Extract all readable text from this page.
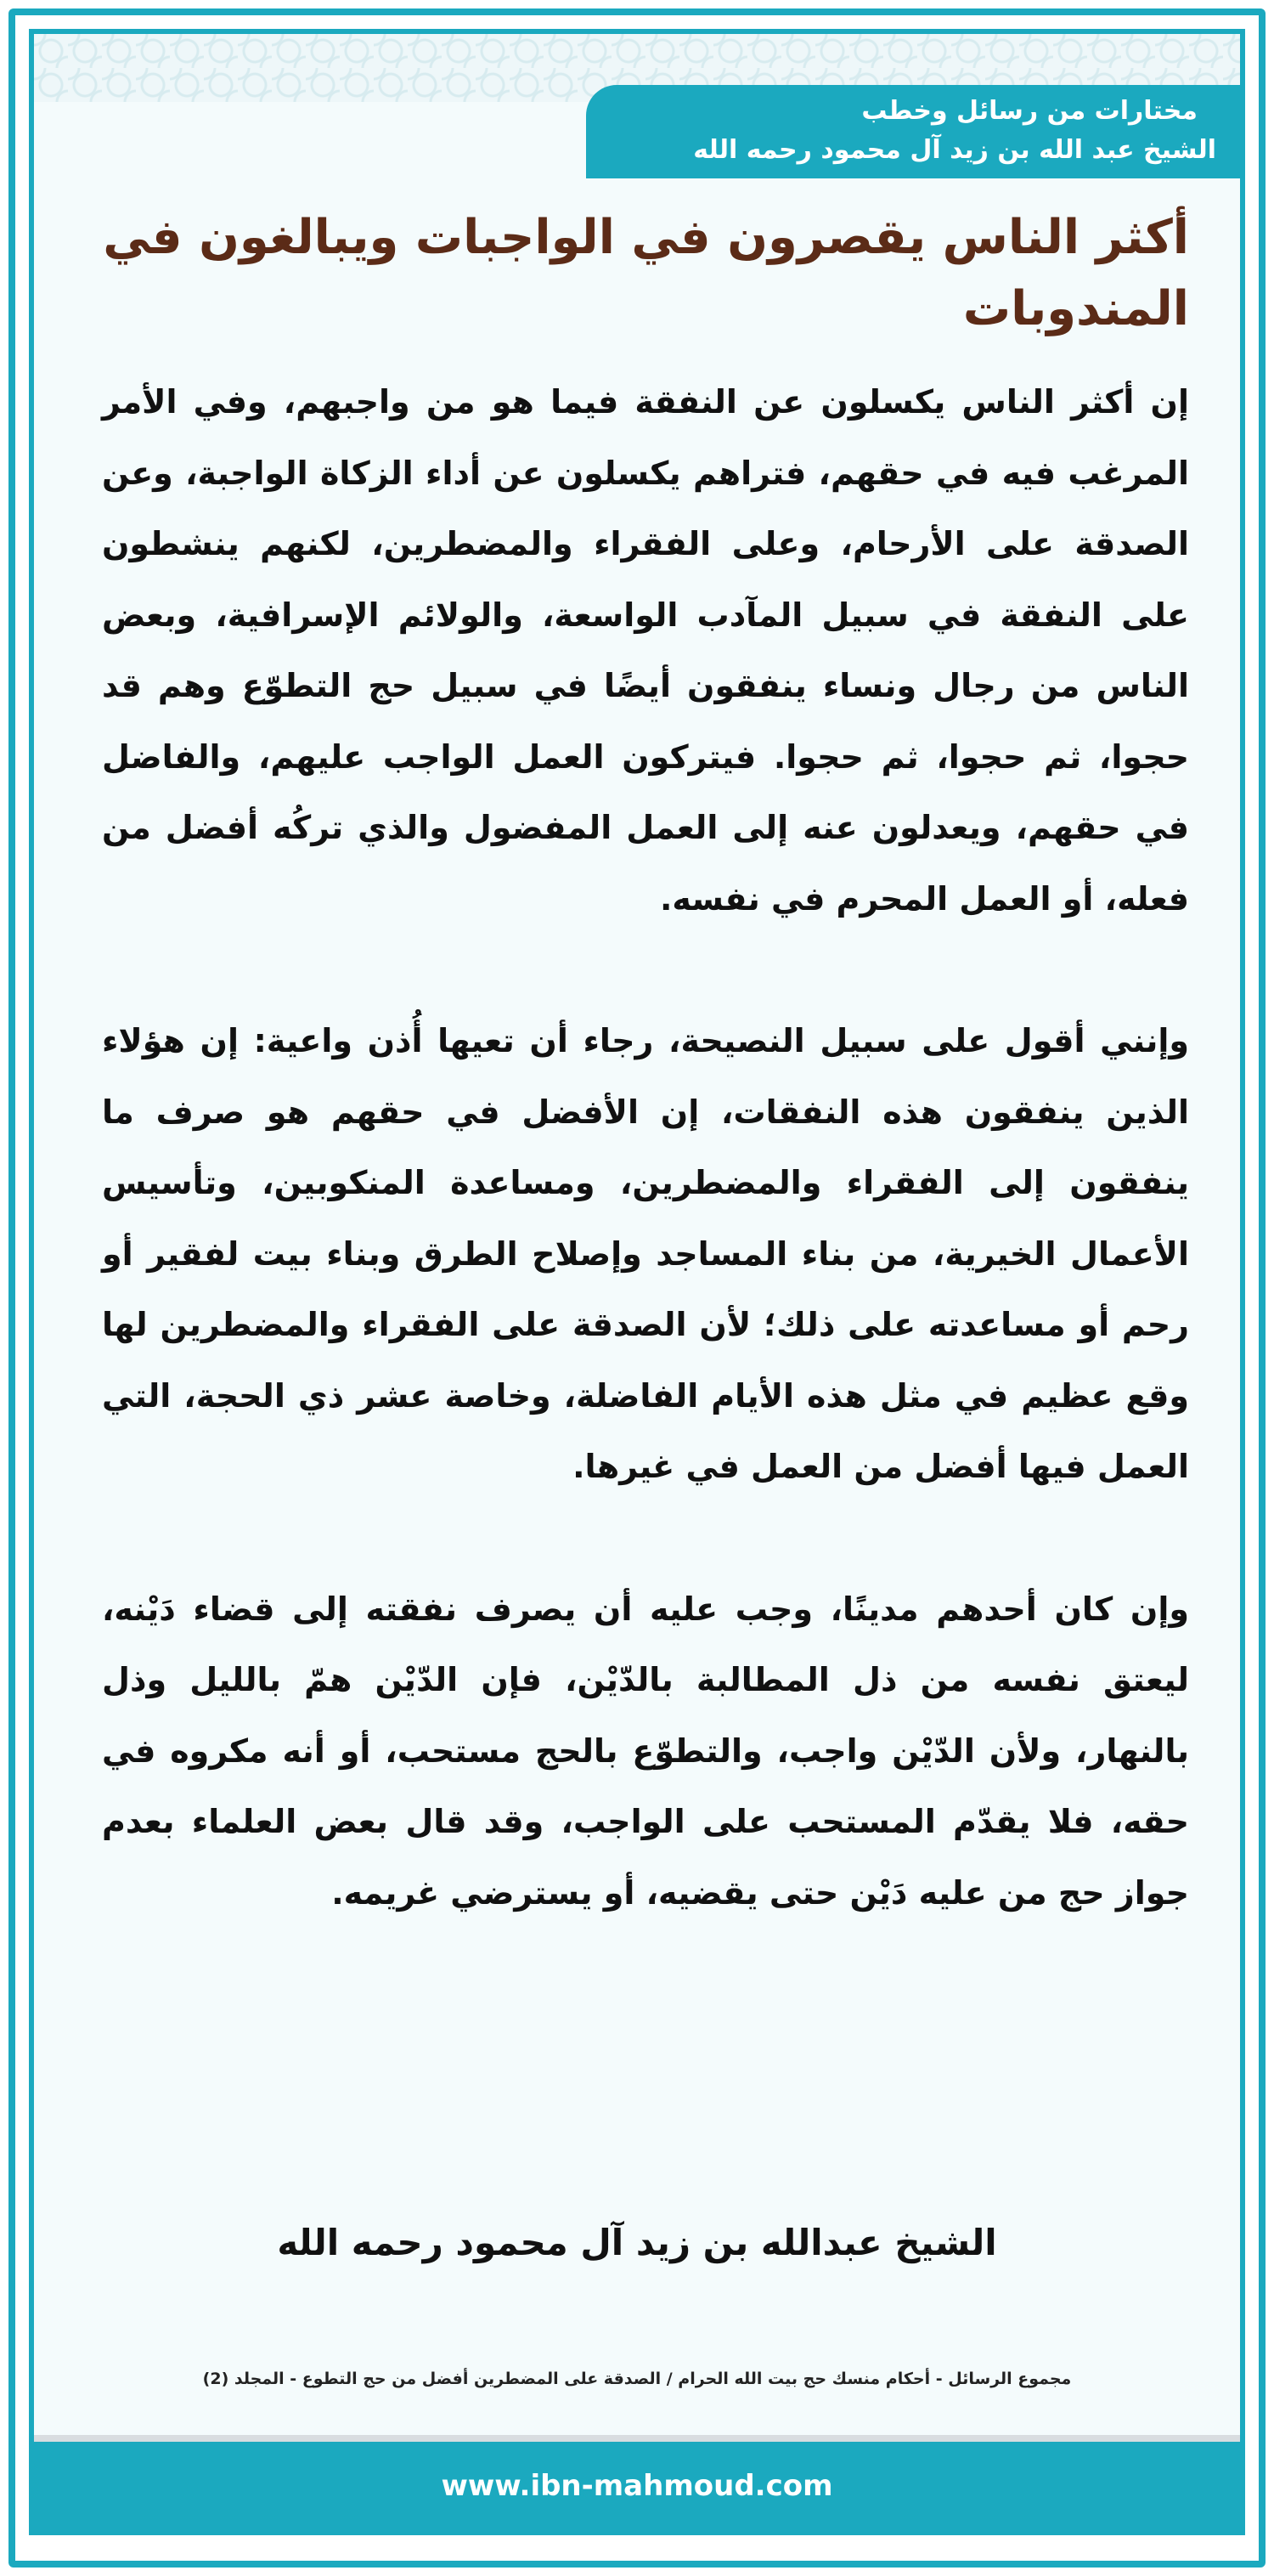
مختارات من رسائل وخطب
الشيخ عبد الله بن زيد آل محمود رحمه الله
أكثر الناس يقصرون في الواجبات ويبالغون في المندوبات

إن أكثر الناس يكسلون عن النفقة فيما هو من واجبهم، وفي الأمر المرغب فيه في حقهم، فتراهم يكسلون عن أداء الزكاة الواجبة، وعن الصدقة على الأرحام، وعلى الفقراء والمضطرين، لكنهم ينشطون على النفقة في سبيل المآدب الواسعة، والولائم الإسرافية، وبعض الناس من رجال ونساء ينفقون أيضًا في سبيل حج التطوّع وهم قد حجوا، ثم حجوا، ثم حجوا. فيتركون العمل الواجب عليهم، والفاضل في حقهم، ويعدلون عنه إلى العمل المفضول والذي تركُه أفضل من فعله، أو العمل المحرم في نفسه.

وإنني أقول على سبيل النصيحة، رجاء أن تعيها أُذن واعية: إن هؤلاء الذين ينفقون هذه النفقات، إن الأفضل في حقهم هو صرف ما ينفقون إلى الفقراء والمضطرين، ومساعدة المنكوبين، وتأسيس الأعمال الخيرية، من بناء المساجد وإصلاح الطرق وبناء بيت لفقير أو رحم أو مساعدته على ذلك؛ لأن الصدقة على الفقراء والمضطرين لها وقع عظيم في مثل هذه الأيام الفاضلة، وخاصة عشر ذي الحجة، التي العمل فيها أفضل من العمل في غيرها.

وإن كان أحدهم مدينًا، وجب عليه أن يصرف نفقته إلى قضاء دَيْنه، ليعتق نفسه من ذل المطالبة بالدّيْن، فإن الدّيْن همّ بالليل وذل بالنهار، ولأن الدّيْن واجب، والتطوّع بالحج مستحب، أو أنه مكروه في حقه، فلا يقدّم المستحب على الواجب، وقد قال بعض العلماء بعدم جواز حج من عليه دَيْن حتى يقضيه، أو يسترضي غريمه.

الشيخ عبدالله بن زيد آل محمود رحمه الله
مجموع الرسائل - أحكام منسك حج بيت الله الحرام / الصدقة على المضطرين أفضل من حج التطوع - المجلد (2)
www.ibn-mahmoud.com
